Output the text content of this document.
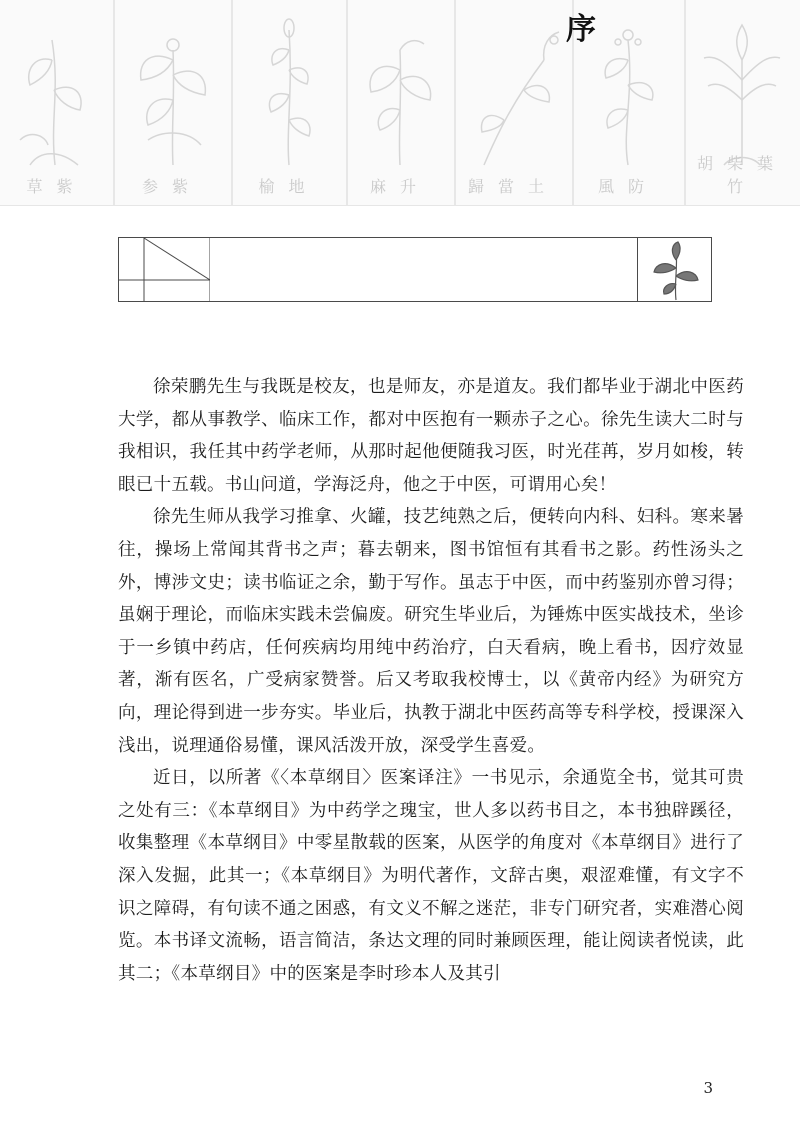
草紫	参紫	榆地	麻升	歸當土	風防
胡柴葉竹
序

徐荣鹏先生与我既是校友，也是师友，亦是道友。我们都毕业于湖北中医药大学，都从事教学、临床工作，都对中医抱有一颗赤子之心。徐先生读大二时与我相识，我任其中药学老师，从那时起他便随我习医，时光荏苒，岁月如梭，转眼已十五载。书山问道，学海泛舟，他之于中医，可谓用心矣！

徐先生师从我学习推拿、火罐，技艺纯熟之后，便转向内科、妇科。寒来暑往，操场上常闻其背书之声；暮去朝来，图书馆恒有其看书之影。药性汤头之外，博涉文史；读书临证之余，勤于写作。虽志于中医，而中药鉴别亦曾习得；虽娴于理论，而临床实践未尝偏废。研究生毕业后，为锤炼中医实战技术，坐诊于一乡镇中药店，任何疾病均用纯中药治疗，白天看病，晚上看书，因疗效显著，渐有医名，广受病家赞誉。后又考取我校博士，以《黄帝内经》为研究方向，理论得到进一步夯实。毕业后，执教于湖北中医药高等专科学校，授课深入浅出，说理通俗易懂，课风活泼开放，深受学生喜爱。

近日，以所著《〈本草纲目〉医案译注》一书见示，余通览全书，觉其可贵之处有三：《本草纲目》为中药学之瑰宝，世人多以药书目之，本书独辟蹊径，收集整理《本草纲目》中零星散载的医案，从医学的角度对《本草纲目》进行了深入发掘，此其一；《本草纲目》为明代著作，文辞古奥，艰涩难懂，有文字不识之障碍，有句读不通之困惑，有文义不解之迷茫，非专门研究者，实难潜心阅览。本书译文流畅，语言简洁，条达文理的同时兼顾医理，能让阅读者悦读，此其二；《本草纲目》中的医案是李时珍本人及其引

3
